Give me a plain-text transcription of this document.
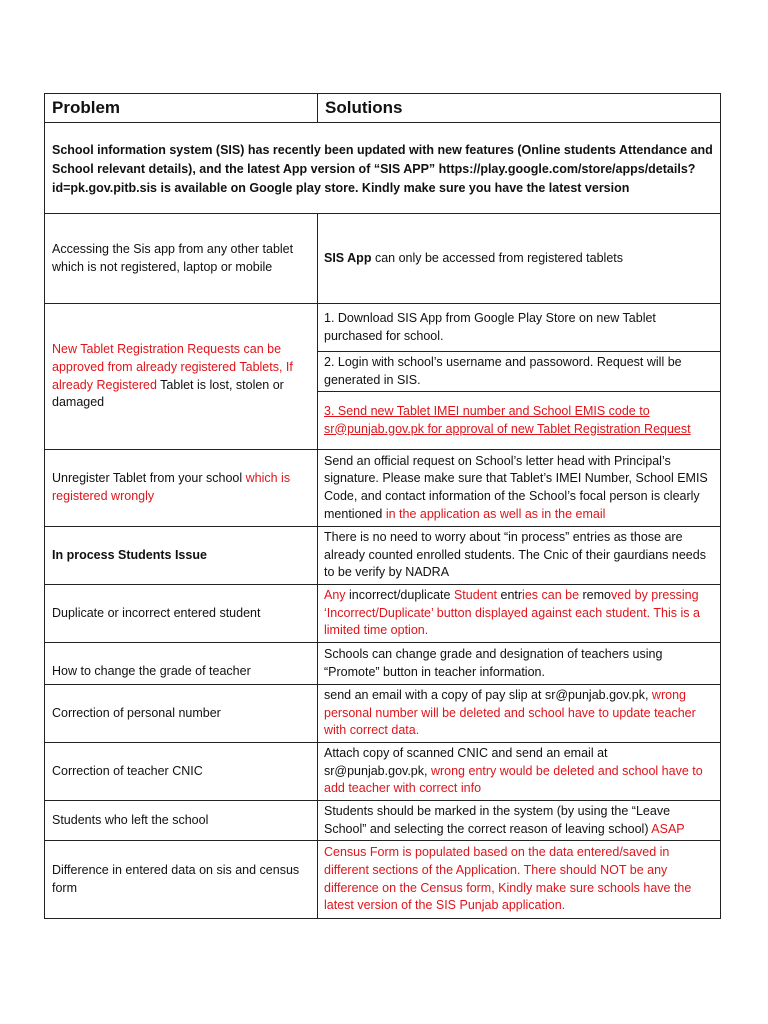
Problem	Solutions
School information system (SIS) has recently been updated with new features (Online students Attendance and School relevant details), and the latest App version of “SIS APP” https://play.google.com/store/apps/details?id=pk.gov.pitb.sis is available on Google play store. Kindly make sure you have the latest version	
Accessing the Sis app from any other tablet which is not registered, laptop or mobile	SIS App can only be accessed from registered tablets
New Tablet Registration Requests can be approved from already registered Tablets, If already Registered Tablet is lost, stolen or damaged	1. Download SIS App from Google Play Store on new Tablet purchased for school.
	2. Login with school’s username and passoword. Request will be generated in SIS.
	3. Send new Tablet IMEI number and School EMIS code to sr@punjab.gov.pk for approval of new Tablet Registration Request
Unregister Tablet from your school which is registered wrongly	Send an official request on School’s letter head with Principal’s signature. Please make sure that Tablet’s IMEI Number, School EMIS Code, and contact information of the School’s focal person is clearly mentioned in the application as well as in the email
In process Students Issue	There is no need to worry about “in process” entries as those are already counted enrolled students. The Cnic of their gaurdians needs to be verify by NADRA
Duplicate or incorrect entered student	Any incorrect/duplicate Student entries can be removed by pressing ‘Incorrect/Duplicate’ button displayed against each student. This is a limited time option.
How to change the grade of teacher	Schools can change grade and designation of teachers using “Promote” button in teacher information.
Correction of personal number	send an email with a copy of pay slip at sr@punjab.gov.pk, wrong personal number will be deleted and school have to update teacher with correct data.
Correction of teacher CNIC	Attach copy of scanned CNIC and send an email at sr@punjab.gov.pk, wrong entry would be deleted and school have to add teacher with correct info
Students who left the school	Students should be marked in the system (by using the “Leave School” and selecting the correct reason of leaving school) ASAP
Difference in entered data on sis and census form	Census Form is populated based on the data entered/saved in different sections of the Application. There should NOT be any difference on the Census form, Kindly make sure schools have the latest version of the SIS Punjab application.
